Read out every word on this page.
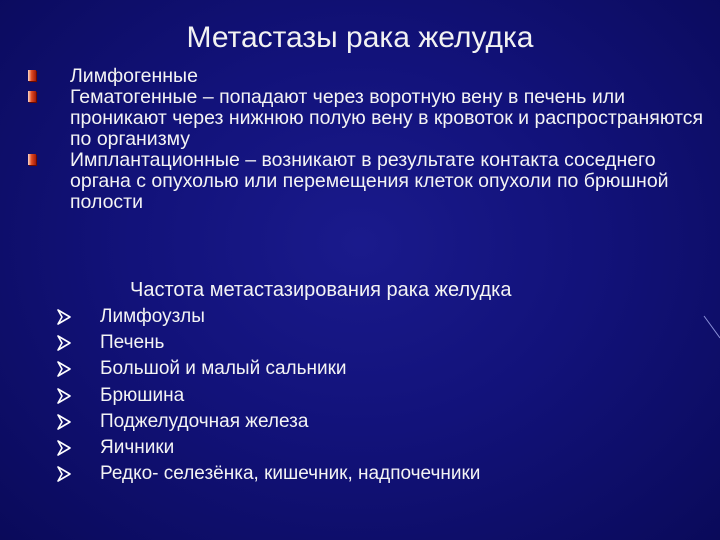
Метастазы рака желудка

Лимфогенные

Гематогенные – попадают через воротную вену в печень или проникают через нижнюю полую вену в кровоток и распространяются по организму

Имплантационные – возникают в результате контакта соседнего органа с опухолью или перемещения клеток опухоли по брюшной полости

Частота метастазирования рака желудка
Лимфоузлы
Печень
Большой и малый сальники
Брюшина
Поджелудочная железа
Яичники
Редко- селезёнка, кишечник, надпочечники
